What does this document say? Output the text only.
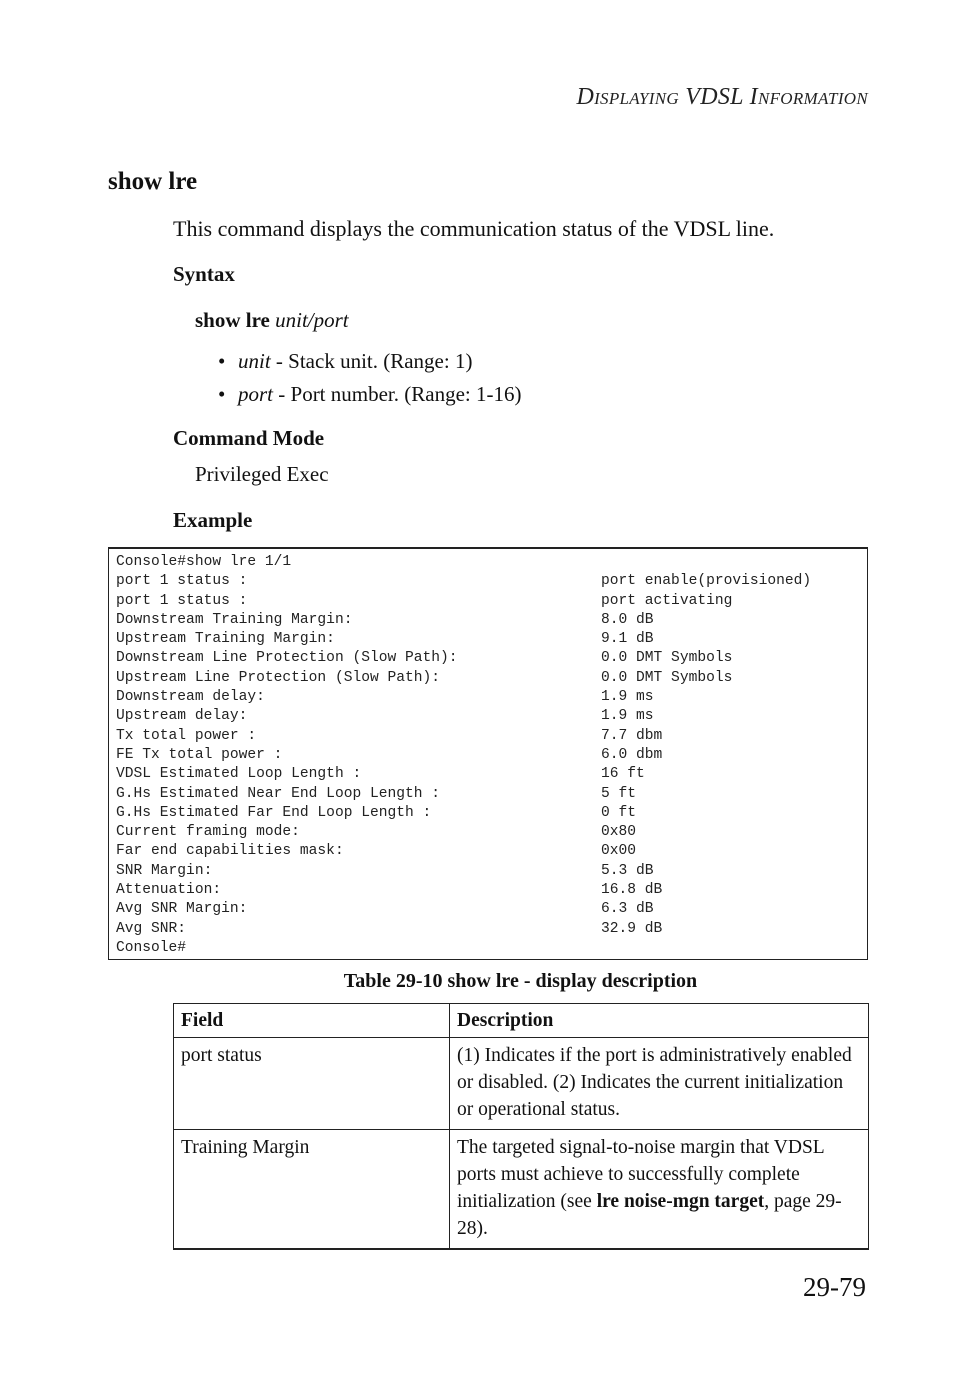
Displaying VDSL Information
show lre
This command displays the communication status of the VDSL line.
Syntax
show lre unit/port
• unit - Stack unit. (Range: 1)
• port - Port number. (Range: 1-16)
Command Mode
Privileged Exec
Example
Console#show lre 1/1
port 1 status :	port enable(provisioned)
port 1 status :	port activating
Downstream Training Margin:	8.0 dB
Upstream Training Margin:	9.1 dB
Downstream Line Protection (Slow Path):	0.0 DMT Symbols
Upstream Line Protection (Slow Path):	0.0 DMT Symbols
Downstream delay:	1.9 ms
Upstream delay:	1.9 ms
Tx total power :	7.7 dbm
FE Tx total power :	6.0 dbm
VDSL Estimated Loop Length :	16 ft
G.Hs Estimated Near End Loop Length :	5 ft
G.Hs Estimated Far End Loop Length :	0 ft
Current framing mode:	0x80
Far end capabilities mask:	0x00
SNR Margin:	5.3 dB
Attenuation:	16.8 dB
Avg SNR Margin:	6.3 dB
Avg SNR:	32.9 dB
Console#
Table 29-10 show lre - display description
Field	Description
port status	(1) Indicates if the port is administratively enabled or disabled. (2) Indicates the current initialization or operational status.
Training Margin	The targeted signal-to-noise margin that VDSL ports must achieve to successfully complete initialization (see lre noise-mgn target, page 29-28).
29-79
